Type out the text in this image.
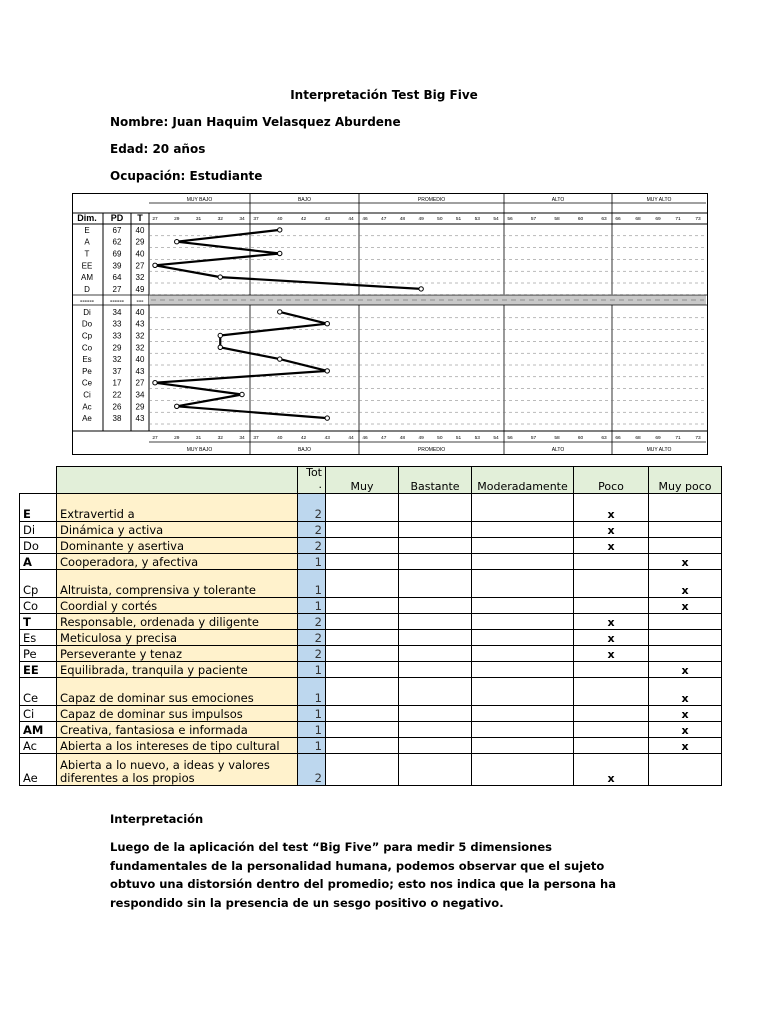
Interpretación Test Big Five
Nombre: Juan Haquim Velasquez Aburdene
Edad: 20 años
Ocupación: Estudiante
MUY BAJO
MUY BAJO
BAJO
BAJO
PROMEDIO
PROMEDIO
ALTO
ALTO
MUY ALTO
MUY ALTO
27
27
29
29
31
31
32
32
34
34
37
37
40
40
42
42
43
43
44
44
46
46
47
47
48
48
49
49
50
50
51
51
53
53
54
54
56
56
57
57
58
58
60
60
63
63
66
66
68
68
69
69
71
71
73
73
Dim. PD T
------ ------ ---
E	67 40
A	62 29
T	69 40
EE	39 27
AM 64 32
D	27 49
Di	34 40
Do	33 43
Cp	33 32
Co	29 32
Es	32 40
Pe	37 43
Ce	17 27
Ci	22 34
Ac	26 29
Ae	38 43
		Tot .	Muy	Bastante	Moderadamente	Poco	Muy poco
E	Extravertid a	2				x	
Di	Dinámica y activa	2				x	
Do	Dominante y asertiva	2				x	
A	Cooperadora, y afectiva	1					x
Cp	Altruista, comprensiva y tolerante	1					x
Co	Coordial y cortés	1					x
T	Responsable, ordenada y diligente	2				x	
Es	Meticulosa y precisa	2				x	
Pe	Perseverante y tenaz	2				x	
EE	Equilibrada, tranquila y paciente	1					x
Ce	Capaz de dominar sus emociones	1					x
Ci	Capaz de dominar sus impulsos	1					x
AM	Creativa, fantasiosa e informada	1					x
Ac	Abierta a los intereses de tipo cultural	1					x
Ae	Abierta a lo nuevo, a ideas y valores diferentes a los propios	2				x	
Interpretación
Luego de la aplicación del test “Big Five” para medir 5 dimensiones fundamentales de la personalidad humana, podemos observar que el sujeto obtuvo una distorsión dentro del promedio; esto nos indica que la persona ha respondido sin la presencia de un sesgo positivo o negativo.
